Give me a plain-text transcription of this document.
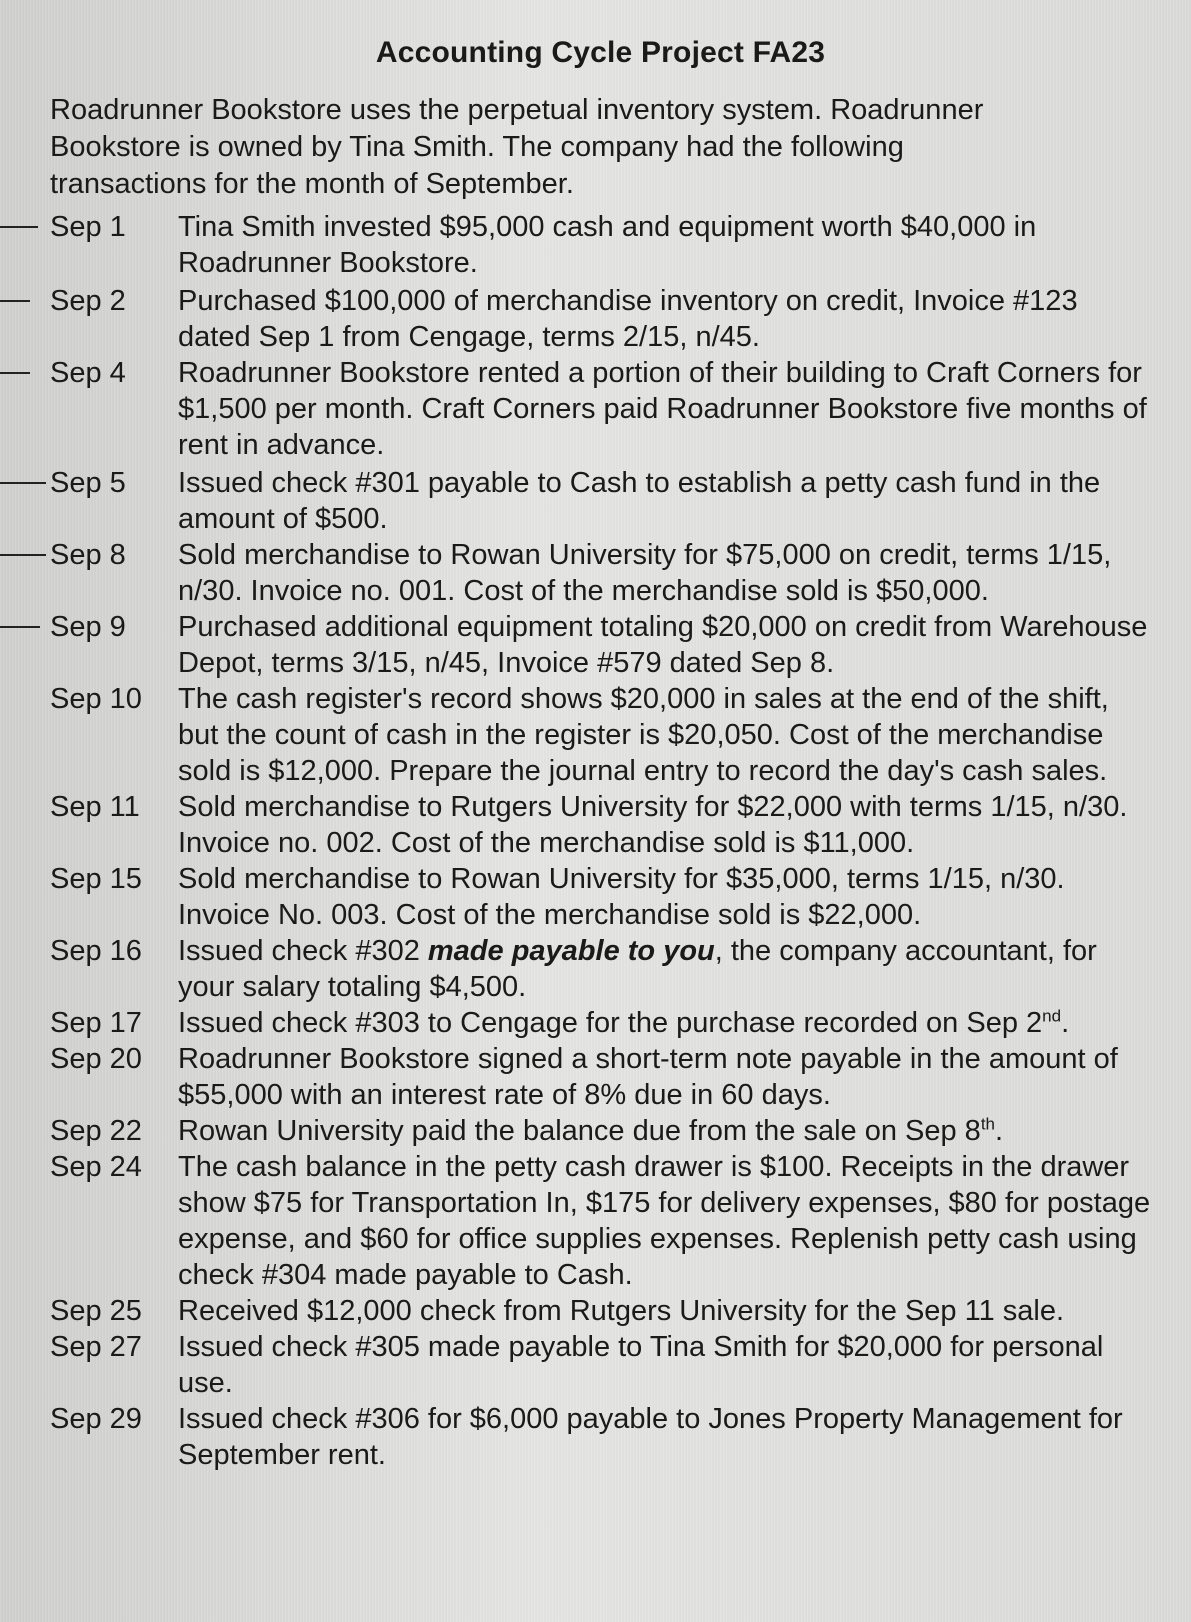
Accounting Cycle Project FA23
Roadrunner Bookstore uses the perpetual inventory system. Roadrunner Bookstore is owned by Tina Smith. The company had the following transactions for the month of September.
Sep 1	Tina Smith invested $95,000 cash and equipment worth $40,000 in Roadrunner Bookstore.
Sep 2	Purchased $100,000 of merchandise inventory on credit, Invoice #123 dated Sep 1 from Cengage, terms 2/15, n/45.
Sep 4	Roadrunner Bookstore rented a portion of their building to Craft Corners for $1,500 per month. Craft Corners paid Roadrunner Bookstore five months of rent in advance.
Sep 5	Issued check #301 payable to Cash to establish a petty cash fund in the amount of $500.
Sep 8	Sold merchandise to Rowan University for $75,000 on credit, terms 1/15, n/30. Invoice no. 001. Cost of the merchandise sold is $50,000.
Sep 9	Purchased additional equipment totaling $20,000 on credit from Warehouse Depot, terms 3/15, n/45, Invoice #579 dated Sep 8.
Sep 10	The cash register's record shows $20,000 in sales at the end of the shift, but the count of cash in the register is $20,050. Cost of the merchandise sold is $12,000. Prepare the journal entry to record the day's cash sales.
Sep 11	Sold merchandise to Rutgers University for $22,000 with terms 1/15, n/30. Invoice no. 002. Cost of the merchandise sold is $11,000.
Sep 15	Sold merchandise to Rowan University for $35,000, terms 1/15, n/30. Invoice No. 003. Cost of the merchandise sold is $22,000.
Sep 16	Issued check #302 made payable to you, the company accountant, for your salary totaling $4,500.
Sep 17	Issued check #303 to Cengage for the purchase recorded on Sep 2nd.
Sep 20	Roadrunner Bookstore signed a short-term note payable in the amount of $55,000 with an interest rate of 8% due in 60 days.
Sep 22	Rowan University paid the balance due from the sale on Sep 8th.
Sep 24	The cash balance in the petty cash drawer is $100. Receipts in the drawer show $75 for Transportation In, $175 for delivery expenses, $80 for postage expense, and $60 for office supplies expenses. Replenish petty cash using check #304 made payable to Cash.
Sep 25	Received $12,000 check from Rutgers University for the Sep 11 sale.
Sep 27	Issued check #305 made payable to Tina Smith for $20,000 for personal use.
Sep 29	Issued check #306 for $6,000 payable to Jones Property Management for September rent.
